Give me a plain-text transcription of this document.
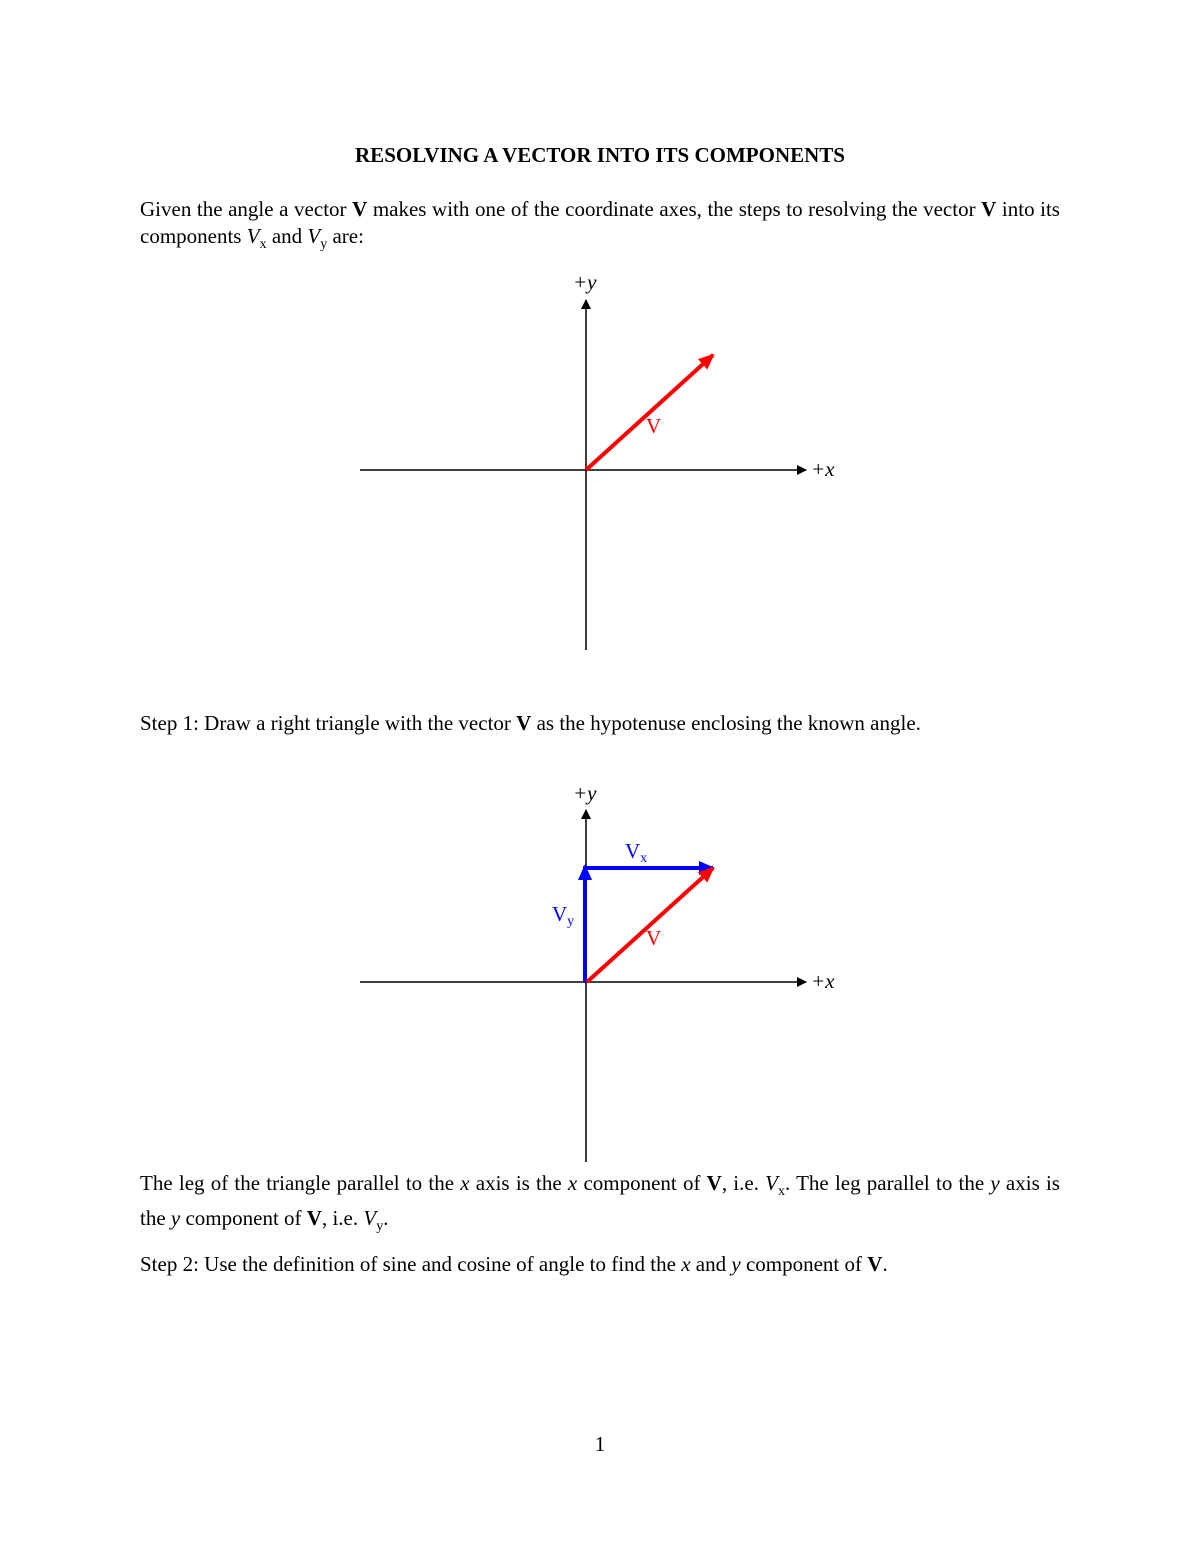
RESOLVING A VECTOR INTO ITS COMPONENTS
Given the angle a vector V makes with one of the coordinate axes, the steps to resolving the vector V into its components $V_x$ and $V_y$ are:
+y
+x
V
Step 1: Draw a right triangle with the vector V as the hypotenuse enclosing the known angle.
+y
+x
V
Vx
Vy
The leg of the triangle parallel to the x axis is the x component of V, i.e. $V_x$. The leg parallel to the y axis is the y component of V, i.e. $V_y$.
Step 2: Use the definition of sine and cosine of angle to find the x and y component of V.
1
